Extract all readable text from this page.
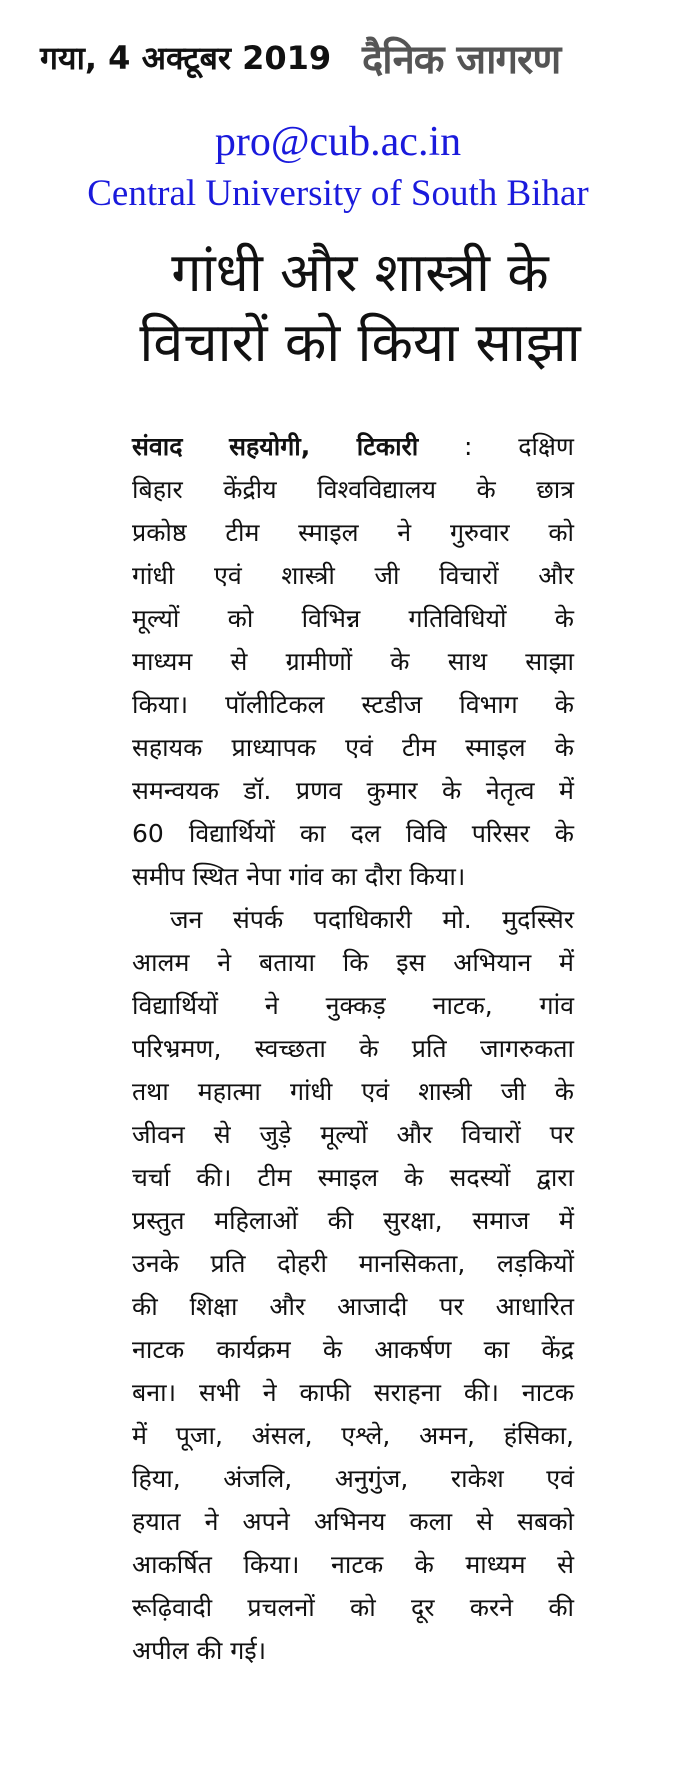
गया, 4 अक्टूबर 2019 दैनिक जागरण
pro@cub.ac.in
Central University of South Bihar
गांधी और शास्त्री के
विचारों को किया साझा
संवाद सहयोगी, टिकारी : दक्षिण
बिहार केंद्रीय विश्वविद्यालय के छात्र
प्रकोष्ठ टीम स्माइल ने गुरुवार को
गांधी एवं शास्त्री जी विचारों और
मूल्यों को विभिन्न गतिविधियों के
माध्यम से ग्रामीणों के साथ साझा
किया। पॉलीटिकल स्टडीज विभाग के
सहायक प्राध्यापक एवं टीम स्माइल के
समन्वयक डॉ. प्रणव कुमार के नेतृत्व में
60 विद्यार्थियों का दल विवि परिसर के
समीप स्थित नेपा गांव का दौरा किया।
जन संपर्क पदाधिकारी मो. मुदस्सिर
आलम ने बताया कि इस अभियान में
विद्यार्थियों ने नुक्कड़ नाटक, गांव
परिभ्रमण, स्वच्छता के प्रति जागरुकता
तथा महात्मा गांधी एवं शास्त्री जी के
जीवन से जुड़े मूल्यों और विचारों पर
चर्चा की। टीम स्माइल के सदस्यों द्वारा
प्रस्तुत महिलाओं की सुरक्षा, समाज में
उनके प्रति दोहरी मानसिकता, लड़कियों
की शिक्षा और आजादी पर आधारित
नाटक कार्यक्रम के आकर्षण का केंद्र
बना। सभी ने काफी सराहना की। नाटक
में पूजा, अंसल, एश्ले, अमन, हंसिका,
हिया, अंजलि, अनुगुंज, राकेश एवं
हयात ने अपने अभिनय कला से सबको
आकर्षित किया। नाटक के माध्यम से
रूढ़िवादी प्रचलनों को दूर करने की
अपील की गई।
